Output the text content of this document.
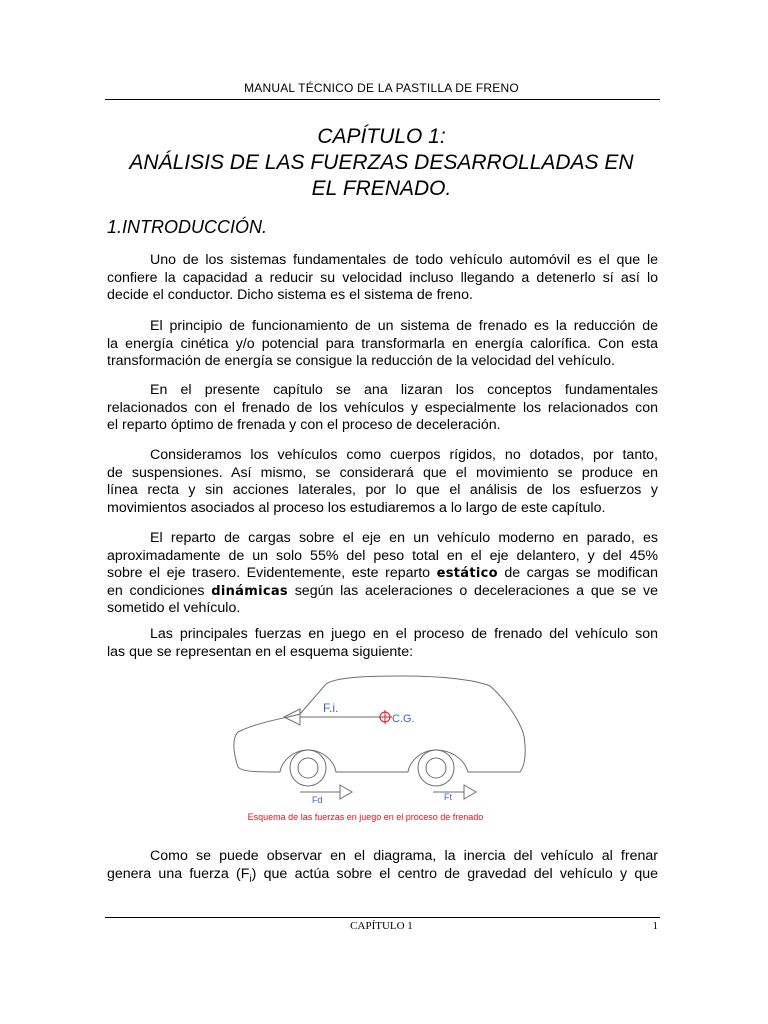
MANUAL TÉCNICO DE LA PASTILLA DE FRENO
CAPÍTULO 1:
ANÁLISIS DE LAS FUERZAS DESARROLLADAS EN
EL FRENADO.
1.INTRODUCCIÓN.
Uno de los sistemas fundamentales de todo vehículo automóvil es el que le
confiere la capacidad a reducir su velocidad incluso llegando a detenerlo sí así lo
decide el conductor. Dicho sistema es el sistema de freno.
El principio de funcionamiento de un sistema de frenado es la reducción de
la energía cinética y/o potencial para transformarla en energía calorífica. Con esta
transformación de energía se consigue la reducción de la velocidad del vehículo.
En el presente capítulo se ana lizaran los conceptos fundamentales
relacionados con el frenado de los vehículos y especialmente los relacionados con
el reparto óptimo de frenada y con el proceso de deceleración.
Consideramos los vehículos como cuerpos rígidos, no dotados, por tanto,
de suspensiones. Así mismo, se considerará que el movimiento se produce en
línea recta y sin acciones laterales, por lo que el análisis de los esfuerzos y
movimientos asociados al proceso los estudiaremos a lo largo de este capítulo.
El reparto de cargas sobre el eje en un vehículo moderno en parado, es
aproximadamente de un solo 55% del peso total en el eje delantero, y del 45%
sobre el eje trasero. Evidentemente, este reparto estático de cargas se modifican
en condiciones dinámicas según las aceleraciones o deceleraciones a que se ve
sometido el vehículo.
Las principales fuerzas en juego en el proceso de frenado del vehículo son
las que se representan en el esquema siguiente:
F.i.
C.G.
Fd	Ft
Esquema de las fuerzas en juego en el proceso de frenado
Como se puede observar en el diagrama, la inercia del vehículo al frenar
genera una fuerza $(F_i)$ que actúa sobre el centro de gravedad del vehículo y que
CAPÍTULO 1	1
